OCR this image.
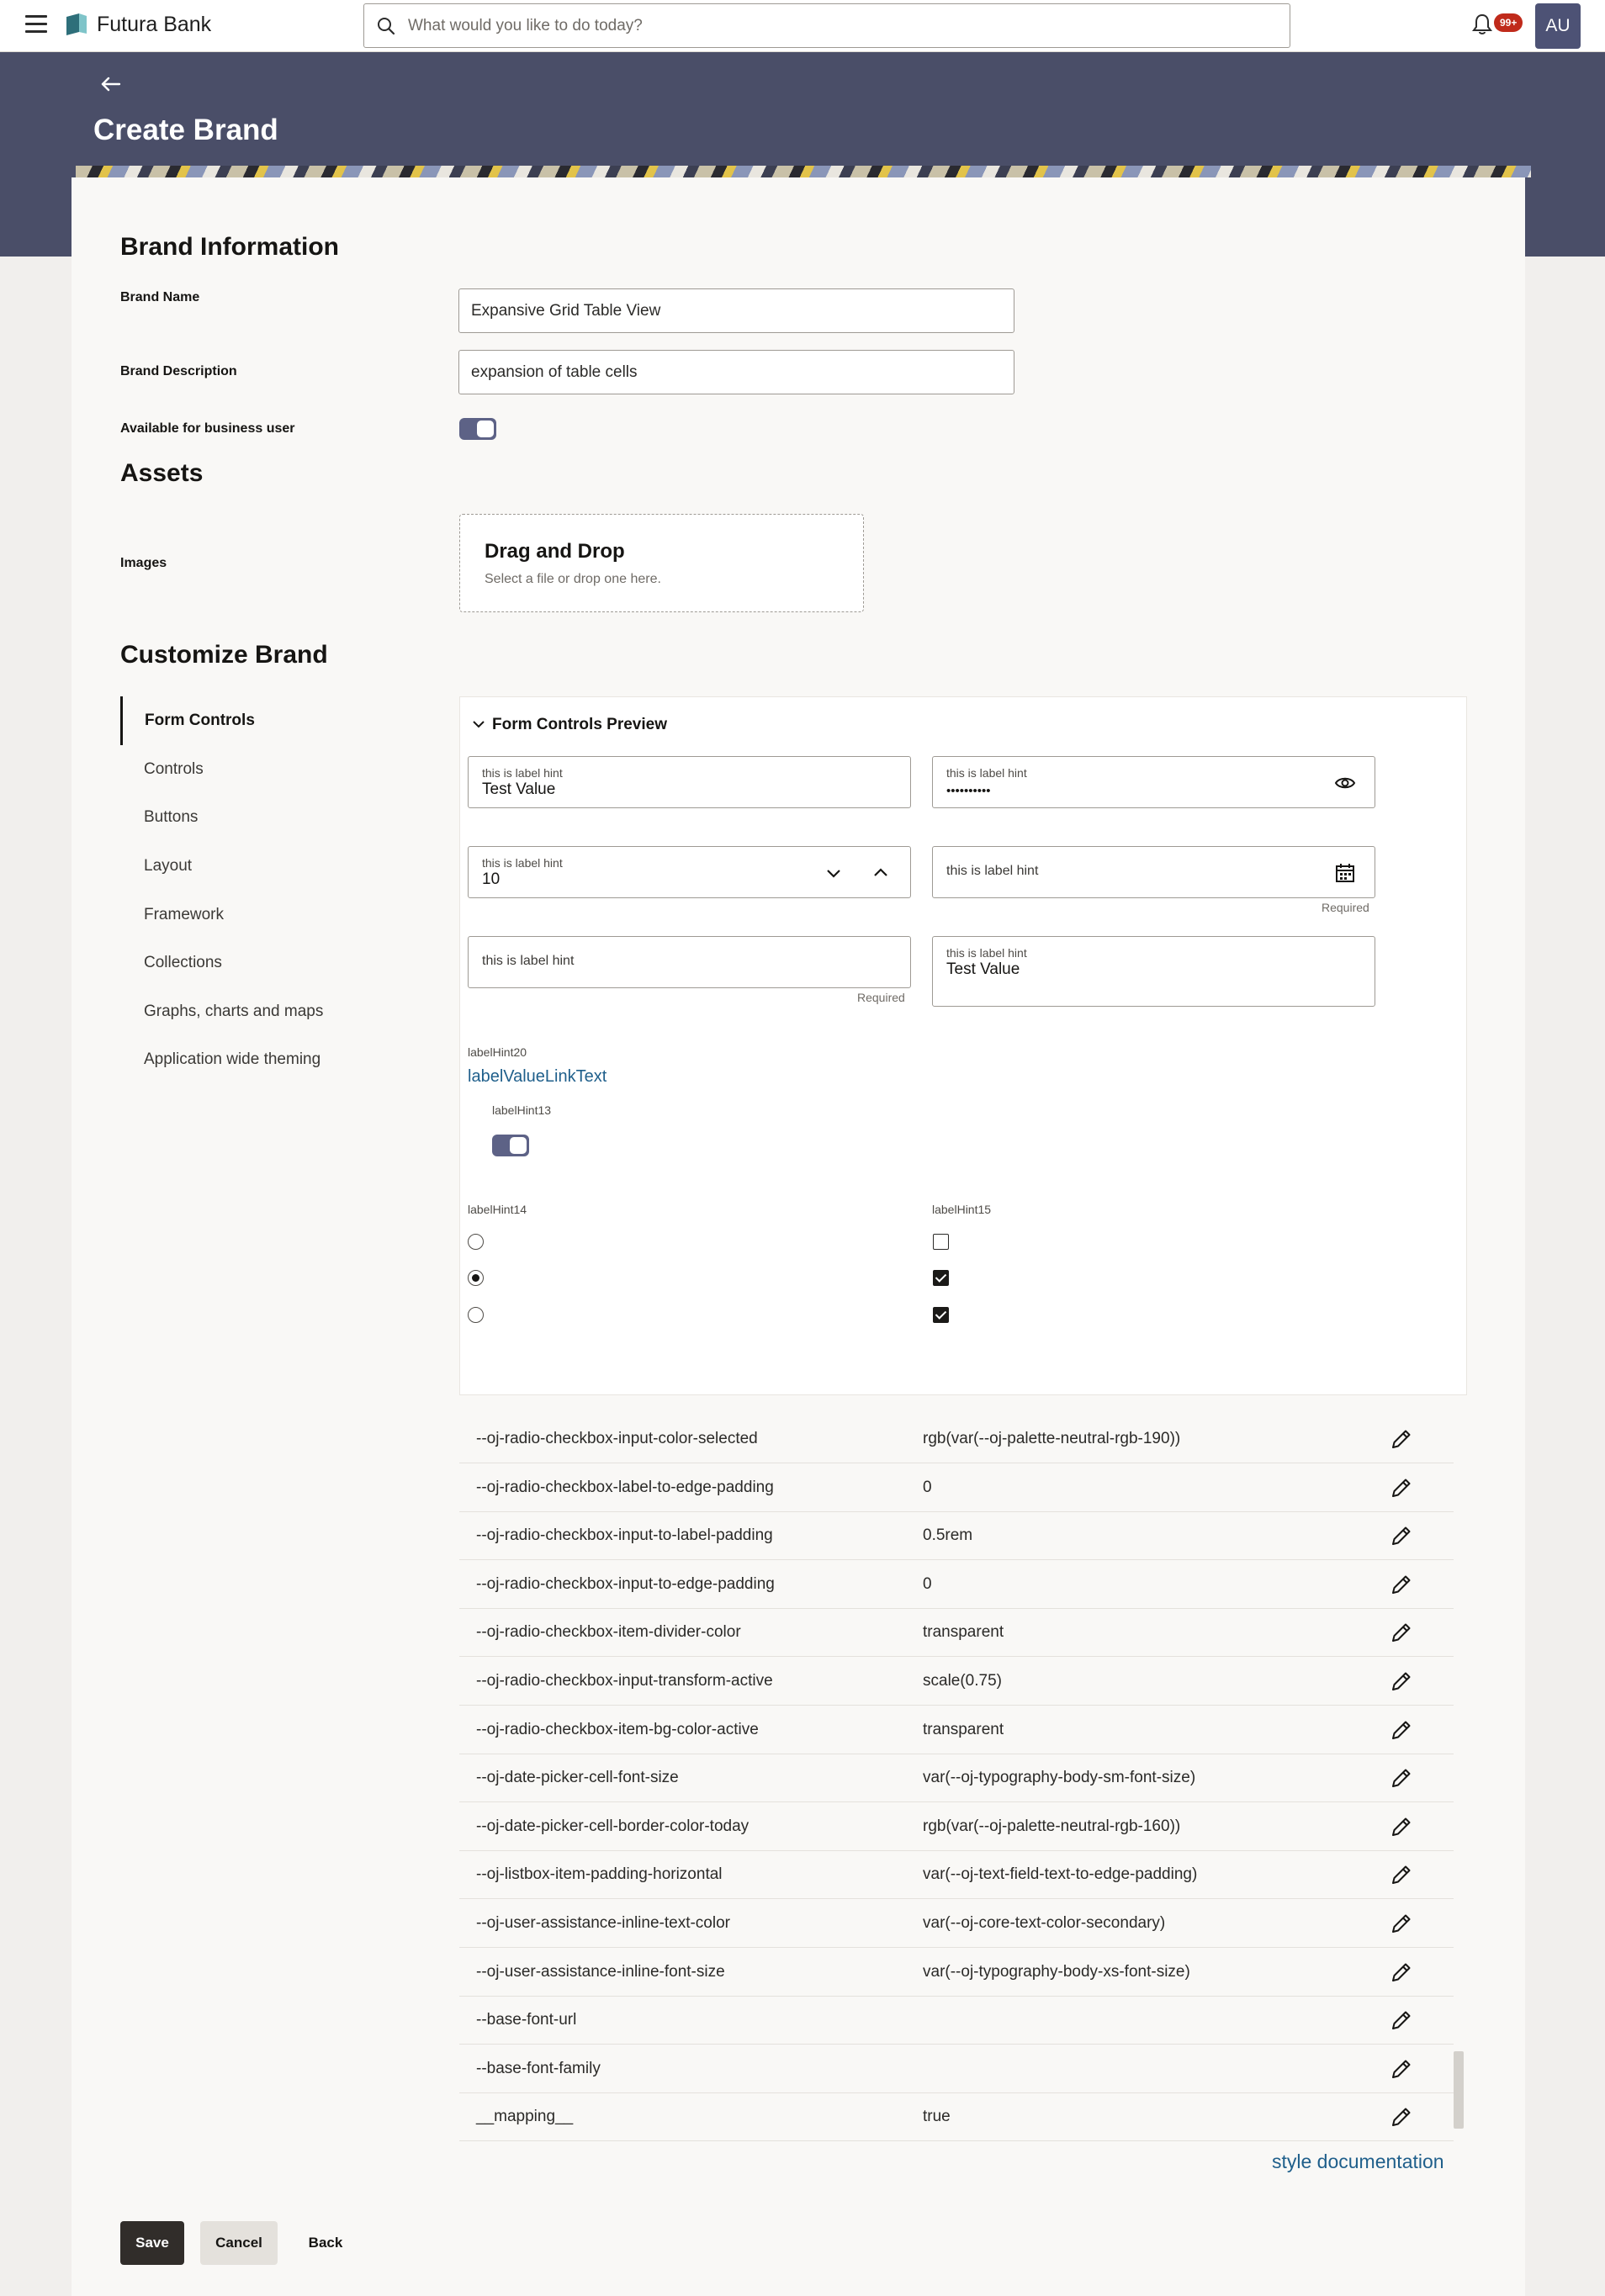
Futura Bank
What would you like to do today?	99+	AU
Create Brand
Brand Information
Brand Name
Expansive Grid Table View
Brand Description
expansion of table cells
Available for business user
Assets
Images
Drag and Drop
Select a file or drop one here.
Customize Brand
Form Controls
Controls
Buttons
Layout
Framework
Collections
Graphs, charts and maps
Application wide theming
Form Controls Preview
this is label hint
Test Value
this is label hint
••••••••••
this is label hint
10	this is label hint
Required
this is label hint
Required
this is label hint
Test Value
labelHint20
labelValueLinkText
labelHint13
labelHint14	labelHint15
--oj-radio-checkbox-input-color-selected	rgb(var(--oj-palette-neutral-rgb-190))
--oj-radio-checkbox-label-to-edge-padding	0
--oj-radio-checkbox-input-to-label-padding	0.5rem
--oj-radio-checkbox-input-to-edge-padding	0
--oj-radio-checkbox-item-divider-color	transparent
--oj-radio-checkbox-input-transform-active	scale(0.75)
--oj-radio-checkbox-item-bg-color-active	transparent
--oj-date-picker-cell-font-size	var(--oj-typography-body-sm-font-size)
--oj-date-picker-cell-border-color-today	rgb(var(--oj-palette-neutral-rgb-160))
--oj-listbox-item-padding-horizontal	var(--oj-text-field-text-to-edge-padding)
--oj-user-assistance-inline-text-color	var(--oj-core-text-color-secondary)
--oj-user-assistance-inline-font-size	var(--oj-typography-body-xs-font-size)
--base-font-url
--base-font-family
__mapping__	true
style documentation
Save	Cancel	Back
